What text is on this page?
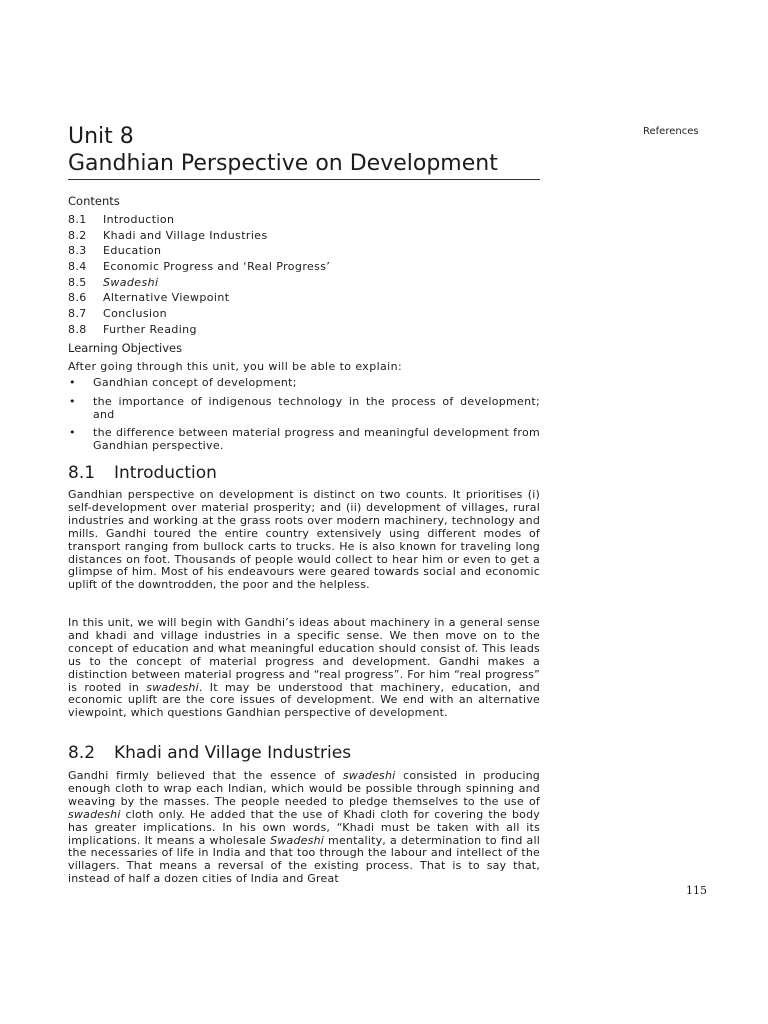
References
Unit 8
Gandhian Perspective on Development
Contents
8.1 Introduction
8.2 Khadi and Village Industries
8.3 Education
8.4 Economic Progress and ‘Real Progress’
8.5 Swadeshi
8.6 Alternative Viewpoint
8.7 Conclusion
8.8 Further Reading
Learning Objectives
After going through this unit, you will be able to explain:
• Gandhian concept of development;
• the importance of indigenous technology in the process of development; and
• the difference between material progress and meaningful development from Gandhian perspective.
8.1 Introduction

Gandhian perspective on development is distinct on two counts. It prioritises (i) self-development over material prosperity; and (ii) development of villages, rural industries and working at the grass roots over modern machinery, technology and mills. Gandhi toured the entire country extensively using different modes of transport ranging from bullock carts to trucks. He is also known for traveling long distances on foot. Thousands of people would collect to hear him or even to get a glimpse of him. Most of his endeavours were geared towards social and economic uplift of the downtrodden, the poor and the helpless.

In this unit, we will begin with Gandhi’s ideas about machinery in a general sense and khadi and village industries in a specific sense. We then move on to the concept of education and what meaningful education should consist of. This leads us to the concept of material progress and development. Gandhi makes a distinction between material progress and “real progress”. For him “real progress” is rooted in swadeshi. It may be understood that machinery, education, and economic uplift are the core issues of development. We end with an alternative viewpoint, which questions Gandhian perspective of development.

8.2 Khadi and Village Industries

Gandhi firmly believed that the essence of swadeshi consisted in producing enough cloth to wrap each Indian, which would be possible through spinning and weaving by the masses. The people needed to pledge themselves to the use of swadeshi cloth only. He added that the use of Khadi cloth for covering the body has greater implications. In his own words, “Khadi must be taken with all its implications. It means a wholesale Swadeshi mentality, a determination to find all the necessaries of life in India and that too through the labour and intellect of the villagers. That means a reversal of the existing process. That is to say that, instead of half a dozen cities of India and Great

115
